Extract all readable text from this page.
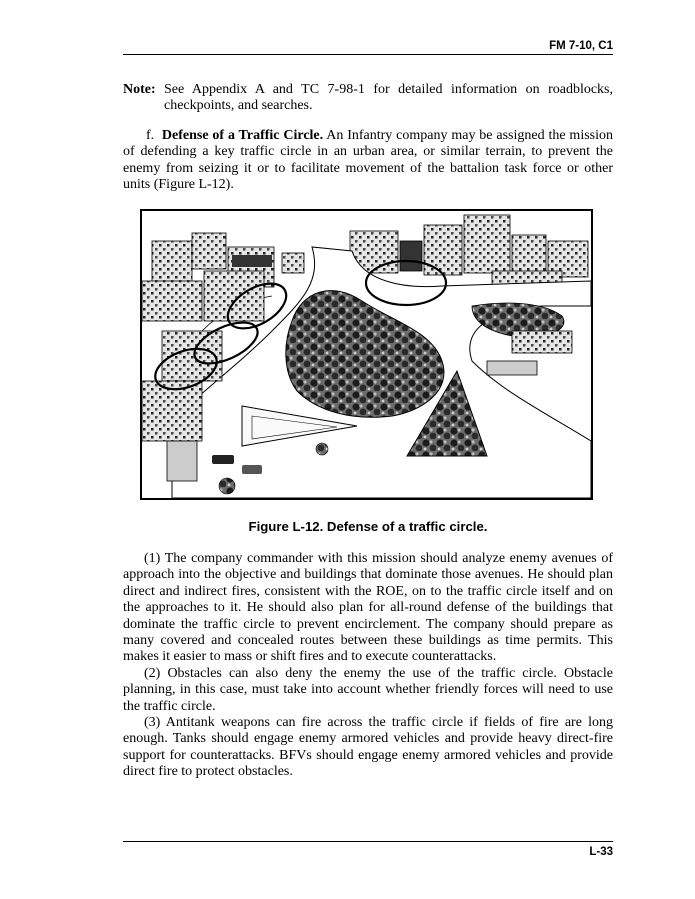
FM 7-10, C1
Note: See Appendix A and TC 7-98-1 for detailed information on roadblocks, checkpoints, and searches.
f. Defense of a Traffic Circle. An Infantry company may be assigned the mission of defending a key traffic circle in an urban area, or similar terrain, to prevent the enemy from seizing it or to facilitate movement of the battalion task force or other units (Figure L-12).
Figure L-12. Defense of a traffic circle.

(1) The company commander with this mission should analyze enemy avenues of approach into the objective and buildings that dominate those avenues. He should plan direct and indirect fires, consistent with the ROE, on to the traffic circle itself and on the approaches to it. He should also plan for all-round defense of the buildings that dominate the traffic circle to prevent encirclement. The company should prepare as many covered and concealed routes between these buildings as time permits. This makes it easier to mass or shift fires and to execute counterattacks.

(2) Obstacles can also deny the enemy the use of the traffic circle. Obstacle planning, in this case, must take into account whether friendly forces will need to use the traffic circle.

(3) Antitank weapons can fire across the traffic circle if fields of fire are long enough. Tanks should engage enemy armored vehicles and provide heavy direct-fire support for counterattacks. BFVs should engage enemy armored vehicles and provide direct fire to protect obstacles.

L-33
